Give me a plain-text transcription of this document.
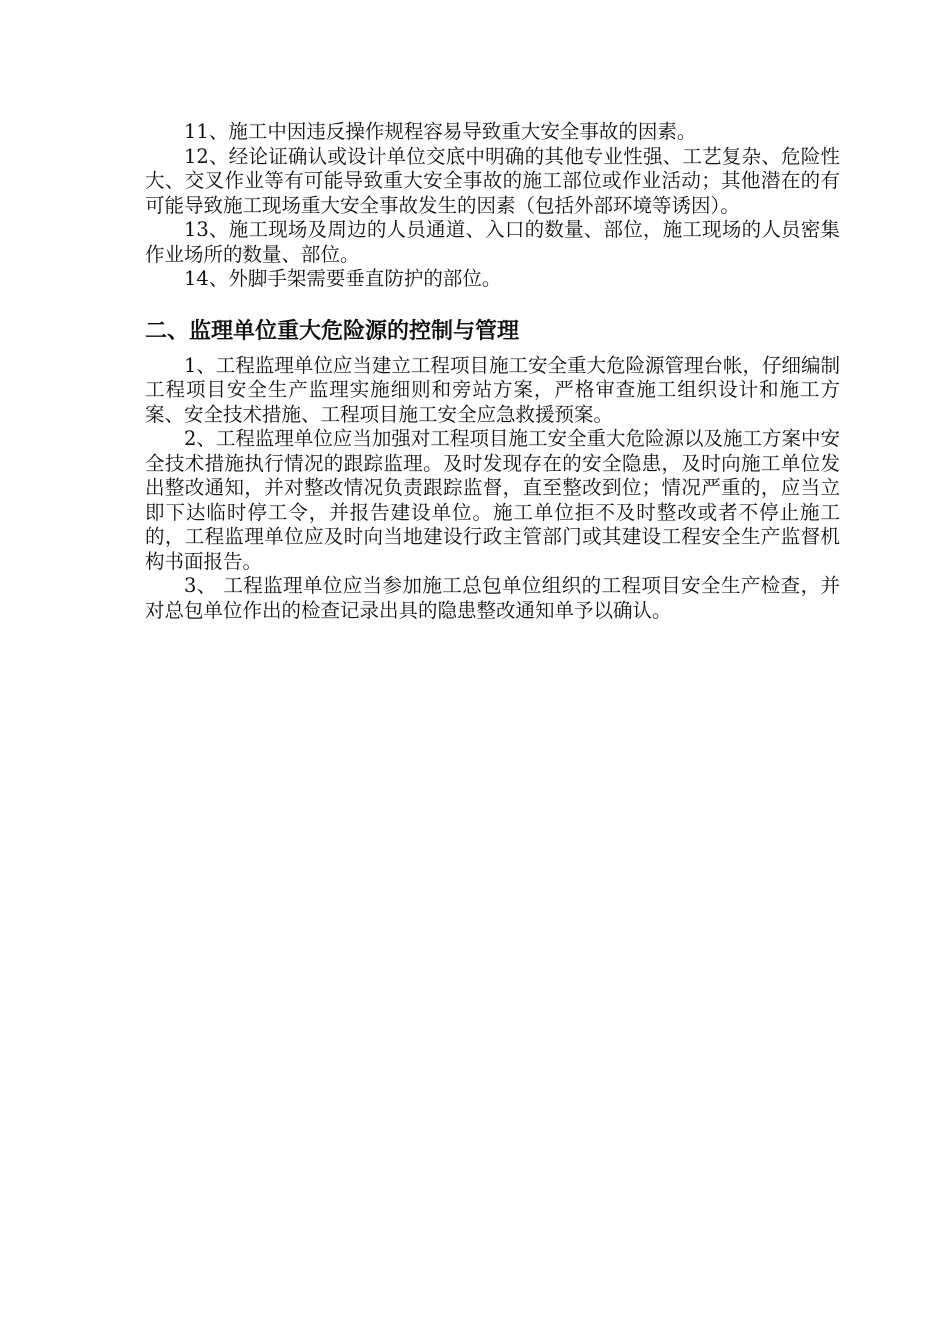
11、施工中因违反操作规程容易导致重大安全事故的因素。

12、经论证确认或设计单位交底中明确的其他专业性强、工艺复杂、危险性大、交叉作业等有可能导致重大安全事故的施工部位或作业活动；其他潜在的有可能导致施工现场重大安全事故发生的因素（包括外部环境等诱因）。

13、施工现场及周边的人员通道、入口的数量、部位，施工现场的人员密集作业场所的数量、部位。

14、外脚手架需要垂直防护的部位。

二、监理单位重大危险源的控制与管理

1、工程监理单位应当建立工程项目施工安全重大危险源管理台帐，仔细编制工程项目安全生产监理实施细则和旁站方案，严格审查施工组织设计和施工方案、安全技术措施、工程项目施工安全应急救援预案。

2、工程监理单位应当加强对工程项目施工安全重大危险源以及施工方案中安全技术措施执行情况的跟踪监理。及时发现存在的安全隐患，及时向施工单位发出整改通知，并对整改情况负责跟踪监督，直至整改到位；情况严重的，应当立即下达临时停工令，并报告建设单位。施工单位拒不及时整改或者不停止施工的，工程监理单位应及时向当地建设行政主管部门或其建设工程安全生产监督机构书面报告。

3、 工程监理单位应当参加施工总包单位组织的工程项目安全生产检查，并对总包单位作出的检查记录出具的隐患整改通知单予以确认。
